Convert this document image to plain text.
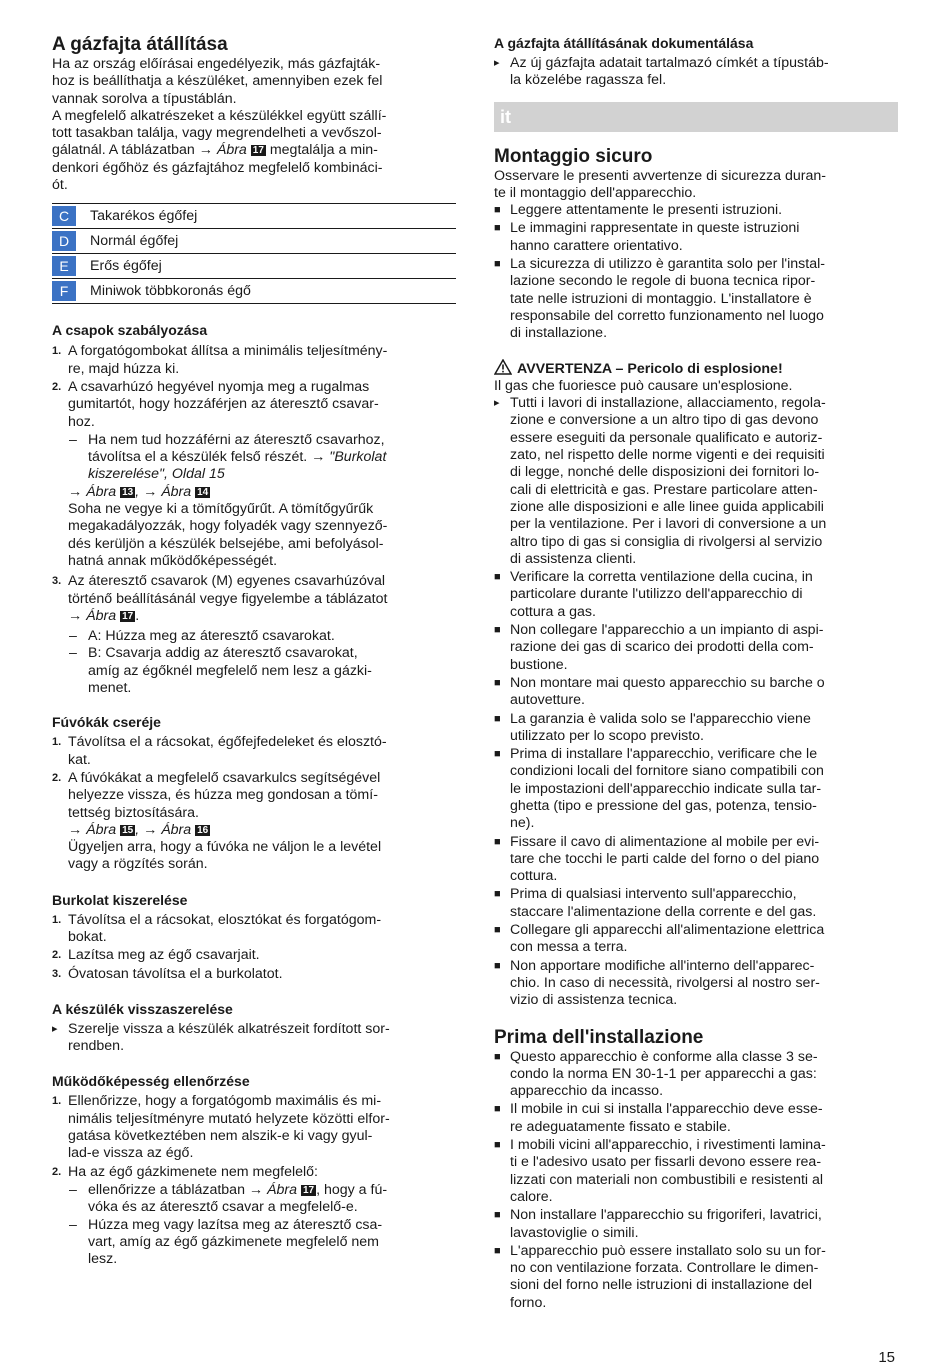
A gázfajta átállítása
Ha az ország előírásai engedélyezik, más gázfajták-
hoz is beállíthatja a készüléket, amennyiben ezek fel
vannak sorolva a típustáblán.
A megfelelő alkatrészeket a készülékkel együtt szállí-
tott tasakban találja, vagy megrendelheti a vevőszol-
gálatnál. A táblázatban → Ábra 17 megtalálja a min-
denkori égőhöz és gázfajtához megfelelő kombináci-
ót.
C Takarékos égőfej
D Normál égőfej
E Erős égőfej
F Miniwok többkoronás égő
A csapok szabályozása
1. A forgatógombokat állítsa a minimális teljesítmény-
re, majd húzza ki.
2. A csavarhúzó hegyével nyomja meg a rugalmas
gumitartót, hogy hozzáférjen az áteresztő csavar-
hoz.
– Ha nem tud hozzáférni az áteresztő csavarhoz,
távolítsa el a készülék felső részét. → "Burkolat
kiszerelése", Oldal 15
→ Ábra 13 , → Ábra 14
Soha ne vegye ki a tömítőgyűrűt. A tömítőgyűrűk
megakadályozzák, hogy folyadék vagy szennyező-
dés kerüljön a készülék belsejébe, ami befolyásol-
hatná annak működőképességét.
3. Az áteresztő csavarok (M) egyenes csavarhúzóval
történő beállításánál vegye figyelembe a táblázatot
→ Ábra 17 .
– A: Húzza meg az áteresztő csavarokat.
– B: Csavarja addig az áteresztő csavarokat,
amíg az égőknél megfelelő nem lesz a gázki-
menet.
Fúvókák cseréje
1. Távolítsa el a rácsokat, égőfejfedeleket és elosztó-
kat.
2. A fúvókákat a megfelelő csavarkulcs segítségével
helyezze vissza, és húzza meg gondosan a tömí-
tettség biztosítására.
→ Ábra 15 , → Ábra 16
Ügyeljen arra, hogy a fúvóka ne váljon le a levétel
vagy a rögzítés során.
Burkolat kiszerelése
1. Távolítsa el a rácsokat, elosztókat és forgatógom-
bokat.
2. Lazítsa meg az égő csavarjait.
3. Óvatosan távolítsa el a burkolatot.
A készülék visszaszerelése
▸ Szerelje vissza a készülék alkatrészeit fordított sor-
rendben.
Működőképesség ellenőrzése
1. Ellenőrizze, hogy a forgatógomb maximális és mi-
nimális teljesítményre mutató helyzete közötti elfor-
gatása következtében nem alszik-e ki vagy gyul-
lad-e vissza az égő.
2. Ha az égő gázkimenete nem megfelelő:
– ellenőrizze a táblázatban → Ábra 17 , hogy a fú-
vóka és az áteresztő csavar a megfelelő-e.
– Húzza meg vagy lazítsa meg az áteresztő csa-
vart, amíg az égő gázkimenete megfelelő nem
lesz.
A gázfajta átállításának dokumentálása
▸ Az új gázfajta adatait tartalmazó címkét a típustáb-
la közelébe ragassza fel.
it
Montaggio sicuro
Osservare le presenti avvertenze di sicurezza duran-
te il montaggio dell'apparecchio.
■ Leggere attentamente le presenti istruzioni.
■ Le immagini rappresentate in queste istruzioni
hanno carattere orientativo.
■ La sicurezza di utilizzo è garantita solo per l'instal-
lazione secondo le regole di buona tecnica ripor-
tate nelle istruzioni di montaggio. L'installatore è
responsabile del corretto funzionamento nel luogo
di installazione.
AVVERTENZA – Pericolo di esplosione!
Il gas che fuoriesce può causare un'esplosione.
▸ Tutti i lavori di installazione, allacciamento, regola-
zione e conversione a un altro tipo di gas devono
essere eseguiti da personale qualificato e autoriz-
zato, nel rispetto delle norme vigenti e dei requisiti
di legge, nonché delle disposizioni dei fornitori lo-
cali di elettricità e gas. Prestare particolare atten-
zione alle disposizioni e alle linee guida applicabili
per la ventilazione. Per i lavori di conversione a un
altro tipo di gas si consiglia di rivolgersi al servizio
di assistenza clienti.
■ Verificare la corretta ventilazione della cucina, in
particolare durante l'utilizzo dell'apparecchio di
cottura a gas.
■ Non collegare l'apparecchio a un impianto di aspi-
razione dei gas di scarico dei prodotti della com-
bustione.
■ Non montare mai questo apparecchio su barche o
autovetture.
■ La garanzia è valida solo se l'apparecchio viene
utilizzato per lo scopo previsto.
■ Prima di installare l'apparecchio, verificare che le
condizioni locali del fornitore siano compatibili con
le impostazioni dell'apparecchio indicate sulla tar-
ghetta (tipo e pressione del gas, potenza, tensio-
ne).
■ Fissare il cavo di alimentazione al mobile per evi-
tare che tocchi le parti calde del forno o del piano
cottura.
■ Prima di qualsiasi intervento sull'apparecchio,
staccare l'alimentazione della corrente e del gas.
■ Collegare gli apparecchi all'alimentazione elettrica
con messa a terra.
■ Non apportare modifiche all'interno dell'apparec-
chio. In caso di necessità, rivolgersi al nostro ser-
vizio di assistenza tecnica.
Prima dell'installazione
■ Questo apparecchio è conforme alla classe 3 se-
condo la norma EN 30-1-1 per apparecchi a gas:
apparecchio da incasso.
■ Il mobile in cui si installa l'apparecchio deve esse-
re adeguatamente fissato e stabile.
■ I mobili vicini all'apparecchio, i rivestimenti lamina-
ti e l'adesivo usato per fissarli devono essere rea-
lizzati con materiali non combustibili e resistenti al
calore.
■ Non installare l'apparecchio su frigoriferi, lavatrici,
lavastoviglie o simili.
■ L'apparecchio può essere installato solo su un for-
no con ventilazione forzata. Controllare le dimen-
sioni del forno nelle istruzioni di installazione del
forno.
15
